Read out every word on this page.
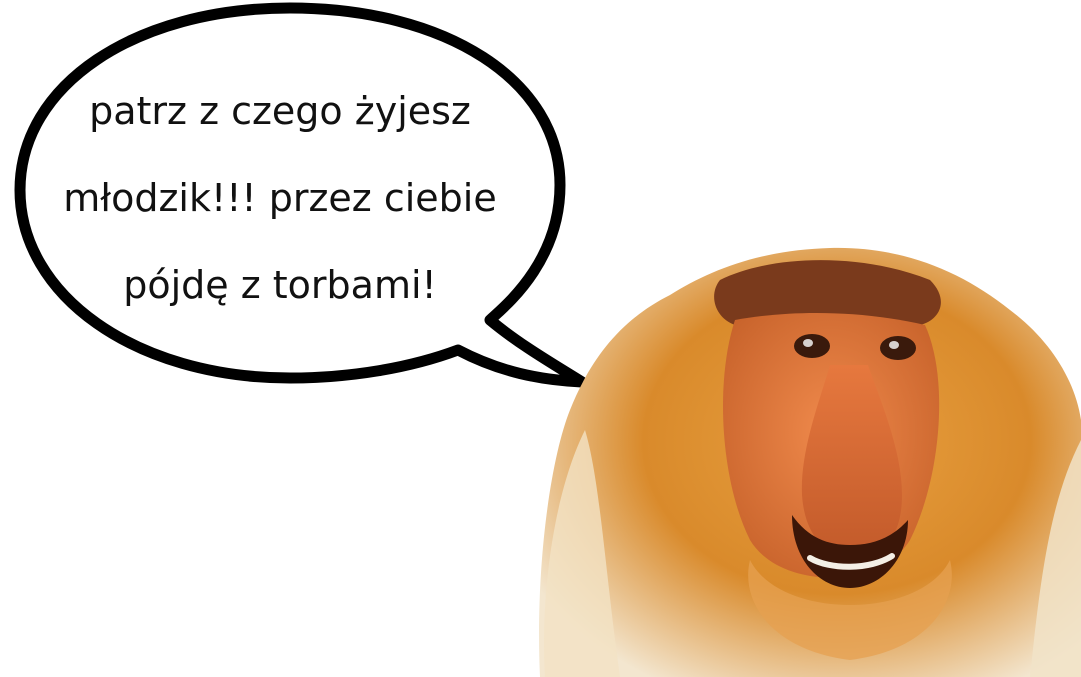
patrz z czego żyjesz
młodzik!!! przez ciebie
pójdę z torbami!
